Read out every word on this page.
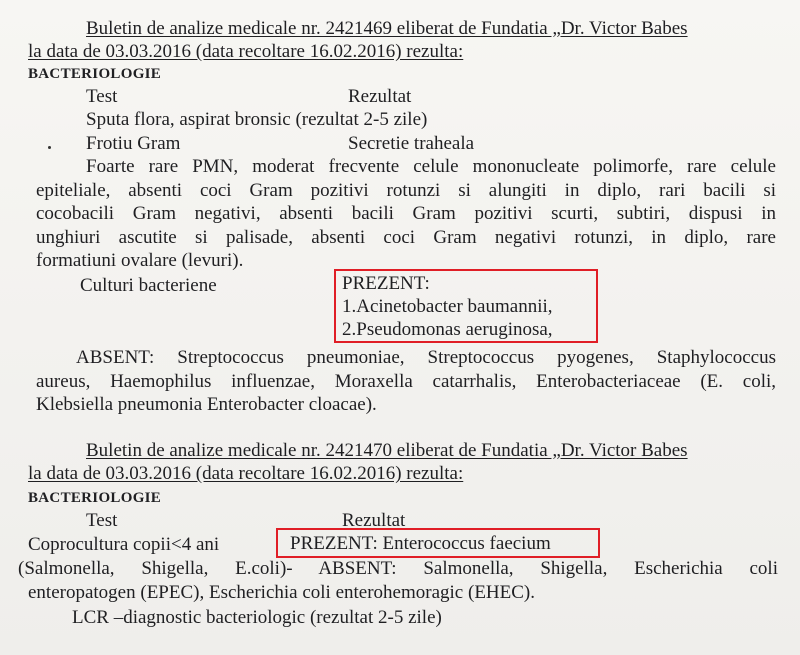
Buletin de analize medicale nr. 2421469 eliberat de Fundatia „Dr. Victor Babes
la data de 03.03.2016 (data recoltare 16.02.2016) rezulta:
BACTERIOLOGIE
Test	Rezultat
Sputa flora, aspirat bronsic (rezultat 2-5 zile)
Frotiu Gram	Secretie traheala
Foarte rare PMN, moderat frecvente celule mononucleate polimorfe, rare celule
epiteliale, absenti coci Gram pozitivi rotunzi si alungiti in diplo, rari bacili si
cocobacili Gram negativi, absenti bacili Gram pozitivi scurti, subtiri, dispusi in
unghiuri ascutite si palisade, absenti coci Gram negativi rotunzi, in diplo, rare
formatiuni ovalare (levuri).
Culturi bacteriene	PREZENT:
1.Acinetobacter baumannii,
2.Pseudomonas aeruginosa,
ABSENT: Streptococcus pneumoniae, Streptococcus pyogenes, Staphylococcus
aureus, Haemophilus influenzae, Moraxella catarrhalis, Enterobacteriaceae (E. coli,
Klebsiella pneumonia Enterobacter cloacae).
Buletin de analize medicale nr. 2421470 eliberat de Fundatia „Dr. Victor Babes
la data de 03.03.2016 (data recoltare 16.02.2016) rezulta:
BACTERIOLOGIE
Test	Rezultat
Coprocultura copii<4 ani	PREZENT: Enterococcus faecium
(Salmonella, Shigella, E.coli)- ABSENT: Salmonella, Shigella, Escherichia coli
enteropatogen (EPEC), Escherichia coli enterohemoragic (EHEC).
LCR –diagnostic bacteriologic (rezultat 2-5 zile)
